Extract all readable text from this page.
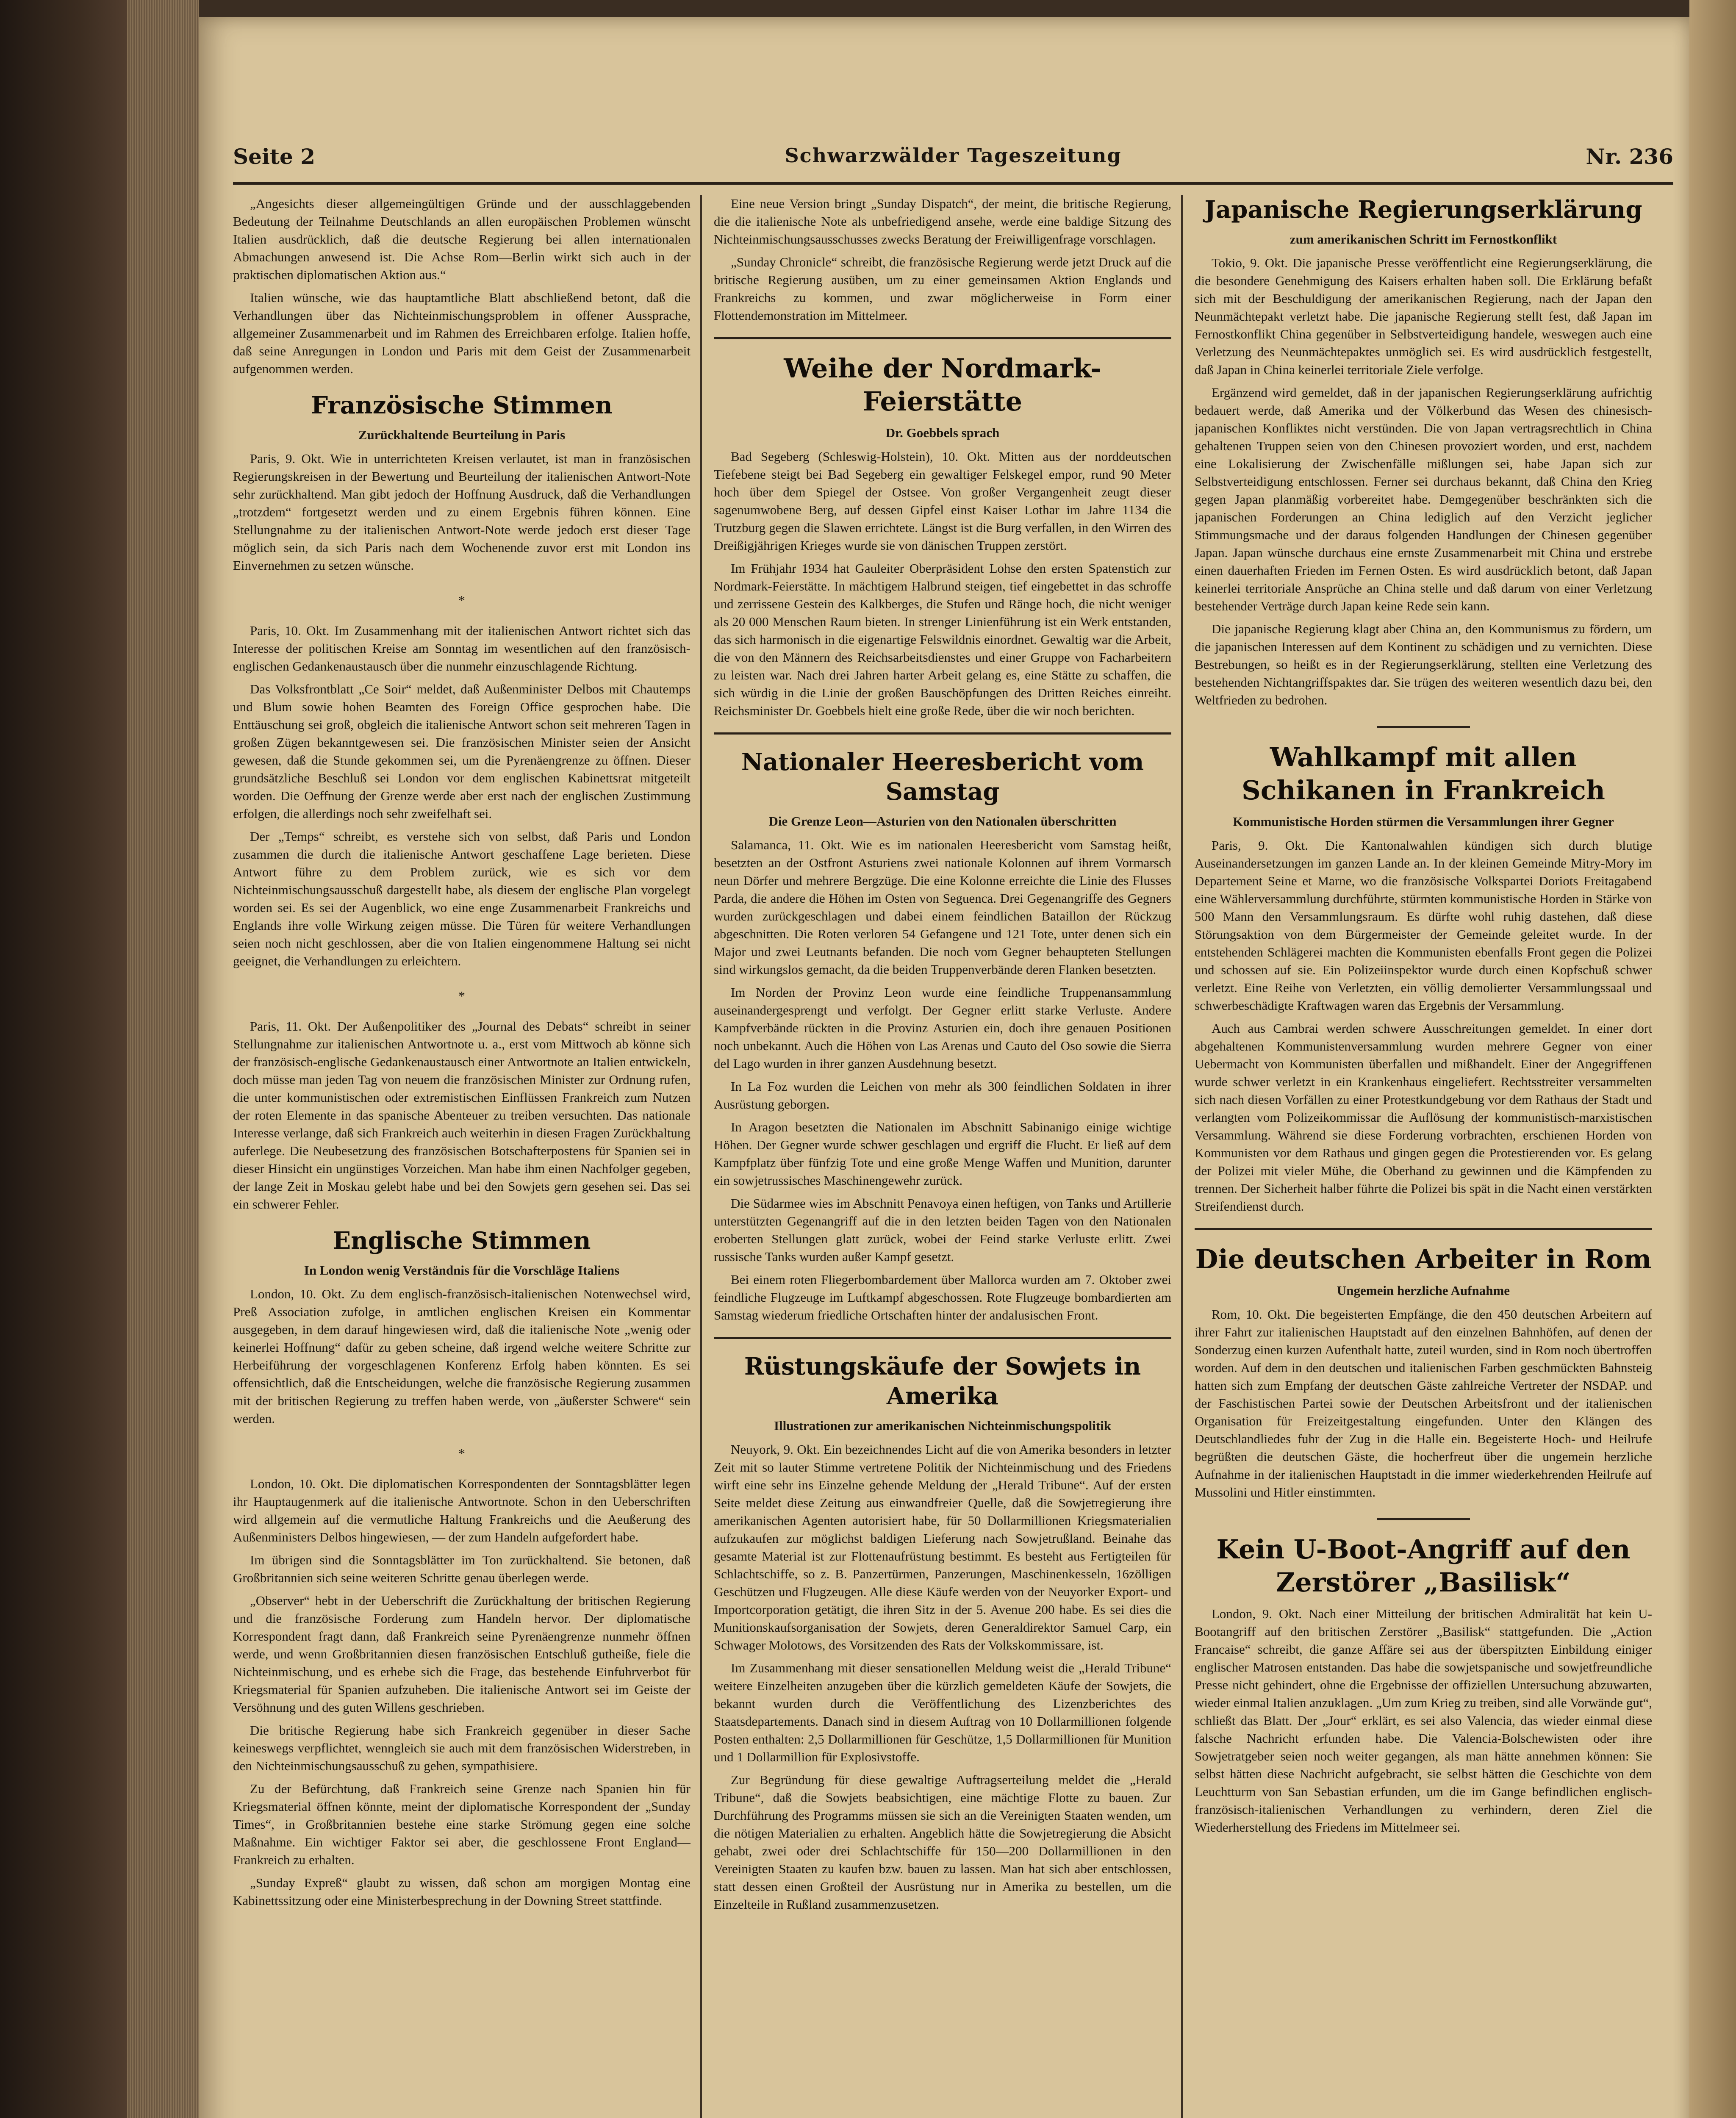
Seite 2	Schwarzwälder Tageszeitung	Nr. 236

„Angesichts dieser allgemeingültigen Gründe und der ausschlaggebenden Bedeutung der Teilnahme Deutschlands an allen europäischen Problemen wünscht Italien ausdrücklich, daß die deutsche Regierung bei allen internationalen Abmachungen anwesend ist. Die Achse Rom—Berlin wirkt sich auch in der praktischen diplomatischen Aktion aus.“

Italien wünsche, wie das hauptamtliche Blatt abschließend betont, daß die Verhandlungen über das Nichteinmischungsproblem in offener Aussprache, allgemeiner Zusammenarbeit und im Rahmen des Erreichbaren erfolge. Italien hoffe, daß seine Anregungen in London und Paris mit dem Geist der Zusammenarbeit aufgenommen werden.

Französische Stimmen
Zurückhaltende Beurteilung in Paris

Paris, 9. Okt. Wie in unterrichteten Kreisen verlautet, ist man in französischen Regierungskreisen in der Bewertung und Beurteilung der italienischen Antwort-Note sehr zurückhaltend. Man gibt jedoch der Hoffnung Ausdruck, daß die Verhandlungen „trotzdem“ fortgesetzt werden und zu einem Ergebnis führen können. Eine Stellungnahme zu der italienischen Antwort-Note werde jedoch erst dieser Tage möglich sein, da sich Paris nach dem Wochenende zuvor erst mit London ins Einvernehmen zu setzen wünsche.

*

Paris, 10. Okt. Im Zusammenhang mit der italienischen Antwort richtet sich das Interesse der politischen Kreise am Sonntag im wesentlichen auf den französisch-englischen Gedankenaustausch über die nunmehr einzuschlagende Richtung.

Das Volksfrontblatt „Ce Soir“ meldet, daß Außenminister Delbos mit Chautemps und Blum sowie hohen Beamten des Foreign Office gesprochen habe. Die Enttäuschung sei groß, obgleich die italienische Antwort schon seit mehreren Tagen in großen Zügen bekanntgewesen sei. Die französischen Minister seien der Ansicht gewesen, daß die Stunde gekommen sei, um die Pyrenäengrenze zu öffnen. Dieser grundsätzliche Beschluß sei London vor dem englischen Kabinettsrat mitgeteilt worden. Die Oeffnung der Grenze werde aber erst nach der englischen Zustimmung erfolgen, die allerdings noch sehr zweifelhaft sei.

Der „Temps“ schreibt, es verstehe sich von selbst, daß Paris und London zusammen die durch die italienische Antwort geschaffene Lage berieten. Diese Antwort führe zu dem Problem zurück, wie es sich vor dem Nichteinmischungsausschuß dargestellt habe, als diesem der englische Plan vorgelegt worden sei. Es sei der Augenblick, wo eine enge Zusammenarbeit Frankreichs und Englands ihre volle Wirkung zeigen müsse. Die Türen für weitere Verhandlungen seien noch nicht geschlossen, aber die von Italien eingenommene Haltung sei nicht geeignet, die Verhandlungen zu erleichtern.

*

Paris, 11. Okt. Der Außenpolitiker des „Journal des Debats“ schreibt in seiner Stellungnahme zur italienischen Antwortnote u. a., erst vom Mittwoch ab könne sich der französisch-englische Gedankenaustausch einer Antwortnote an Italien entwickeln, doch müsse man jeden Tag von neuem die französischen Minister zur Ordnung rufen, die unter kommunistischen oder extremistischen Einflüssen Frankreich zum Nutzen der roten Elemente in das spanische Abenteuer zu treiben versuchten. Das nationale Interesse verlange, daß sich Frankreich auch weiterhin in diesen Fragen Zurückhaltung auferlege. Die Neubesetzung des französischen Botschafterpostens für Spanien sei in dieser Hinsicht ein ungünstiges Vorzeichen. Man habe ihm einen Nachfolger gegeben, der lange Zeit in Moskau gelebt habe und bei den Sowjets gern gesehen sei. Das sei ein schwerer Fehler.

Englische Stimmen
In London wenig Verständnis für die Vorschläge Italiens

London, 10. Okt. Zu dem englisch-französisch-italienischen Notenwechsel wird, Preß Association zufolge, in amtlichen englischen Kreisen ein Kommentar ausgegeben, in dem darauf hingewiesen wird, daß die italienische Note „wenig oder keinerlei Hoffnung“ dafür zu geben scheine, daß irgend welche weitere Schritte zur Herbeiführung der vorgeschlagenen Konferenz Erfolg haben könnten. Es sei offensichtlich, daß die Entscheidungen, welche die französische Regierung zusammen mit der britischen Regierung zu treffen haben werde, von „äußerster Schwere“ sein werden.

*

London, 10. Okt. Die diplomatischen Korrespondenten der Sonntagsblätter legen ihr Hauptaugenmerk auf die italienische Antwortnote. Schon in den Ueberschriften wird allgemein auf die vermutliche Haltung Frankreichs und die Aeußerung des Außenministers Delbos hingewiesen, — der zum Handeln aufgefordert habe.

Im übrigen sind die Sonntagsblätter im Ton zurückhaltend. Sie betonen, daß Großbritannien sich seine weiteren Schritte genau überlegen werde.

„Observer“ hebt in der Ueberschrift die Zurückhaltung der britischen Regierung und die französische Forderung zum Handeln hervor. Der diplomatische Korrespondent fragt dann, daß Frankreich seine Pyrenäengrenze nunmehr öffnen werde, und wenn Großbritannien diesen französischen Entschluß gutheiße, fiele die Nichteinmischung, und es erhebe sich die Frage, das bestehende Einfuhrverbot für Kriegsmaterial für Spanien aufzuheben. Die italienische Antwort sei im Geiste der Versöhnung und des guten Willens geschrieben.

Die britische Regierung habe sich Frankreich gegenüber in dieser Sache keineswegs verpflichtet, wenngleich sie auch mit dem französischen Widerstreben, in den Nichteinmischungsausschuß zu gehen, sympathisiere.

Zu der Befürchtung, daß Frankreich seine Grenze nach Spanien hin für Kriegsmaterial öffnen könnte, meint der diplomatische Korrespondent der „Sunday Times“, in Großbritannien bestehe eine starke Strömung gegen eine solche Maßnahme. Ein wichtiger Faktor sei aber, die geschlossene Front England—Frankreich zu erhalten.

„Sunday Expreß“ glaubt zu wissen, daß schon am morgigen Montag eine Kabinettssitzung oder eine Ministerbesprechung in der Downing Street stattfinde.

Eine neue Version bringt „Sunday Dispatch“, der meint, die britische Regierung, die die italienische Note als unbefriedigend ansehe, werde eine baldige Sitzung des Nichteinmischungsausschusses zwecks Beratung der Freiwilligenfrage vorschlagen.

„Sunday Chronicle“ schreibt, die französische Regierung werde jetzt Druck auf die britische Regierung ausüben, um zu einer gemeinsamen Aktion Englands und Frankreichs zu kommen, und zwar möglicherweise in Form einer Flottendemonstration im Mittelmeer.

Weihe der Nordmark-Feierstätte
Dr. Goebbels sprach

Bad Segeberg (Schleswig-Holstein), 10. Okt. Mitten aus der norddeutschen Tiefebene steigt bei Bad Segeberg ein gewaltiger Felskegel empor, rund 90 Meter hoch über dem Spiegel der Ostsee. Von großer Vergangenheit zeugt dieser sagenumwobene Berg, auf dessen Gipfel einst Kaiser Lothar im Jahre 1134 die Trutzburg gegen die Slawen errichtete. Längst ist die Burg verfallen, in den Wirren des Dreißigjährigen Krieges wurde sie von dänischen Truppen zerstört.

Im Frühjahr 1934 hat Gauleiter Oberpräsident Lohse den ersten Spatenstich zur Nordmark-Feierstätte. In mächtigem Halbrund steigen, tief eingebettet in das schroffe und zerrissene Gestein des Kalkberges, die Stufen und Ränge hoch, die nicht weniger als 20 000 Menschen Raum bieten. In strenger Linienführung ist ein Werk entstanden, das sich harmonisch in die eigenartige Felswildnis einordnet. Gewaltig war die Arbeit, die von den Männern des Reichsarbeitsdienstes und einer Gruppe von Facharbeitern zu leisten war. Nach drei Jahren harter Arbeit gelang es, eine Stätte zu schaffen, die sich würdig in die Linie der großen Bauschöpfungen des Dritten Reiches einreiht. Reichsminister Dr. Goebbels hielt eine große Rede, über die wir noch berichten.

Nationaler Heeresbericht vom Samstag
Die Grenze Leon—Asturien von den Nationalen überschritten

Salamanca, 11. Okt. Wie es im nationalen Heeresbericht vom Samstag heißt, besetzten an der Ostfront Asturiens zwei nationale Kolonnen auf ihrem Vormarsch neun Dörfer und mehrere Bergzüge. Die eine Kolonne erreichte die Linie des Flusses Parda, die andere die Höhen im Osten von Seguenca. Drei Gegenangriffe des Gegners wurden zurückgeschlagen und dabei einem feindlichen Bataillon der Rückzug abgeschnitten. Die Roten verloren 54 Gefangene und 121 Tote, unter denen sich ein Major und zwei Leutnants befanden. Die noch vom Gegner behaupteten Stellungen sind wirkungslos gemacht, da die beiden Truppenverbände deren Flanken besetzten.

Im Norden der Provinz Leon wurde eine feindliche Truppenansammlung auseinandergesprengt und verfolgt. Der Gegner erlitt starke Verluste. Andere Kampfverbände rückten in die Provinz Asturien ein, doch ihre genauen Positionen noch unbekannt. Auch die Höhen von Las Arenas und Cauto del Oso sowie die Sierra del Lago wurden in ihrer ganzen Ausdehnung besetzt.

In La Foz wurden die Leichen von mehr als 300 feindlichen Soldaten in ihrer Ausrüstung geborgen.

In Aragon besetzten die Nationalen im Abschnitt Sabinanigo einige wichtige Höhen. Der Gegner wurde schwer geschlagen und ergriff die Flucht. Er ließ auf dem Kampfplatz über fünfzig Tote und eine große Menge Waffen und Munition, darunter ein sowjetrussisches Maschinengewehr zurück.

Die Südarmee wies im Abschnitt Penavoya einen heftigen, von Tanks und Artillerie unterstützten Gegenangriff auf die in den letzten beiden Tagen von den Nationalen eroberten Stellungen glatt zurück, wobei der Feind starke Verluste erlitt. Zwei russische Tanks wurden außer Kampf gesetzt.

Bei einem roten Fliegerbombardement über Mallorca wurden am 7. Oktober zwei feindliche Flugzeuge im Luftkampf abgeschossen. Rote Flugzeuge bombardierten am Samstag wiederum friedliche Ortschaften hinter der andalusischen Front.

Rüstungskäufe der Sowjets in Amerika
Illustrationen zur amerikanischen Nichteinmischungspolitik

Neuyork, 9. Okt. Ein bezeichnendes Licht auf die von Amerika besonders in letzter Zeit mit so lauter Stimme vertretene Politik der Nichteinmischung und des Friedens wirft eine sehr ins Einzelne gehende Meldung der „Herald Tribune“. Auf der ersten Seite meldet diese Zeitung aus einwandfreier Quelle, daß die Sowjetregierung ihre amerikanischen Agenten autorisiert habe, für 50 Dollarmillionen Kriegsmaterialien aufzukaufen zur möglichst baldigen Lieferung nach Sowjetrußland. Beinahe das gesamte Material ist zur Flottenaufrüstung bestimmt. Es besteht aus Fertigteilen für Schlachtschiffe, so z. B. Panzertürmen, Panzerungen, Maschinenkesseln, 16zölligen Geschützen und Flugzeugen. Alle diese Käufe werden von der Neuyorker Export- und Importcorporation getätigt, die ihren Sitz in der 5. Avenue 200 habe. Es sei dies die Munitionskaufsorganisation der Sowjets, deren Generaldirektor Samuel Carp, ein Schwager Molotows, des Vorsitzenden des Rats der Volkskommissare, ist.

Im Zusammenhang mit dieser sensationellen Meldung weist die „Herald Tribune“ weitere Einzelheiten anzugeben über die kürzlich gemeldeten Käufe der Sowjets, die bekannt wurden durch die Veröffentlichung des Lizenzberichtes des Staatsdepartements. Danach sind in diesem Auftrag von 10 Dollarmillionen folgende Posten enthalten: 2,5 Dollarmillionen für Geschütze, 1,5 Dollarmillionen für Munition und 1 Dollarmillion für Explosivstoffe.

Zur Begründung für diese gewaltige Auftragserteilung meldet die „Herald Tribune“, daß die Sowjets beabsichtigen, eine mächtige Flotte zu bauen. Zur Durchführung des Programms müssen sie sich an die Vereinigten Staaten wenden, um die nötigen Materialien zu erhalten. Angeblich hätte die Sowjetregierung die Absicht gehabt, zwei oder drei Schlachtschiffe für 150—200 Dollarmillionen in den Vereinigten Staaten zu kaufen bzw. bauen zu lassen. Man hat sich aber entschlossen, statt dessen einen Großteil der Ausrüstung nur in Amerika zu bestellen, um die Einzelteile in Rußland zusammenzusetzen.

Japanische Regierungserklärung
zum amerikanischen Schritt im Fernostkonflikt

Tokio, 9. Okt. Die japanische Presse veröffentlicht eine Regierungserklärung, die die besondere Genehmigung des Kaisers erhalten haben soll. Die Erklärung befaßt sich mit der Beschuldigung der amerikanischen Regierung, nach der Japan den Neunmächtepakt verletzt habe. Die japanische Regierung stellt fest, daß Japan im Fernostkonflikt China gegenüber in Selbstverteidigung handele, weswegen auch eine Verletzung des Neunmächtepaktes unmöglich sei. Es wird ausdrücklich festgestellt, daß Japan in China keinerlei territoriale Ziele verfolge.

Ergänzend wird gemeldet, daß in der japanischen Regierungserklärung aufrichtig bedauert werde, daß Amerika und der Völkerbund das Wesen des chinesisch-japanischen Konfliktes nicht verstünden. Die von Japan vertragsrechtlich in China gehaltenen Truppen seien von den Chinesen provoziert worden, und erst, nachdem eine Lokalisierung der Zwischenfälle mißlungen sei, habe Japan sich zur Selbstverteidigung entschlossen. Ferner sei durchaus bekannt, daß China den Krieg gegen Japan planmäßig vorbereitet habe. Demgegenüber beschränkten sich die japanischen Forderungen an China lediglich auf den Verzicht jeglicher Stimmungsmache und der daraus folgenden Handlungen der Chinesen gegenüber Japan. Japan wünsche durchaus eine ernste Zusammenarbeit mit China und erstrebe einen dauerhaften Frieden im Fernen Osten. Es wird ausdrücklich betont, daß Japan keinerlei territoriale Ansprüche an China stelle und daß darum von einer Verletzung bestehender Verträge durch Japan keine Rede sein kann.

Die japanische Regierung klagt aber China an, den Kommunismus zu fördern, um die japanischen Interessen auf dem Kontinent zu schädigen und zu vernichten. Diese Bestrebungen, so heißt es in der Regierungserklärung, stellten eine Verletzung des bestehenden Nichtangriffspaktes dar. Sie trügen des weiteren wesentlich dazu bei, den Weltfrieden zu bedrohen.

Wahlkampf mit allen Schikanen in Frankreich
Kommunistische Horden stürmen die Versammlungen ihrer Gegner

Paris, 9. Okt. Die Kantonalwahlen kündigen sich durch blutige Auseinandersetzungen im ganzen Lande an. In der kleinen Gemeinde Mitry-Mory im Departement Seine et Marne, wo die französische Volkspartei Doriots Freitagabend eine Wählerversammlung durchführte, stürmten kommunistische Horden in Stärke von 500 Mann den Versammlungsraum. Es dürfte wohl ruhig dastehen, daß diese Störungsaktion von dem Bürgermeister der Gemeinde geleitet wurde. In der entstehenden Schlägerei machten die Kommunisten ebenfalls Front gegen die Polizei und schossen auf sie. Ein Polizeiinspektor wurde durch einen Kopfschuß schwer verletzt. Eine Reihe von Verletzten, ein völlig demolierter Versammlungssaal und schwerbeschädigte Kraftwagen waren das Ergebnis der Versammlung.

Auch aus Cambrai werden schwere Ausschreitungen gemeldet. In einer dort abgehaltenen Kommunistenversammlung wurden mehrere Gegner von einer Uebermacht von Kommunisten überfallen und mißhandelt. Einer der Angegriffenen wurde schwer verletzt in ein Krankenhaus eingeliefert. Rechtsstreiter versammelten sich nach diesen Vorfällen zu einer Protestkundgebung vor dem Rathaus der Stadt und verlangten vom Polizeikommissar die Auflösung der kommunistisch-marxistischen Versammlung. Während sie diese Forderung vorbrachten, erschienen Horden von Kommunisten vor dem Rathaus und gingen gegen die Protestierenden vor. Es gelang der Polizei mit vieler Mühe, die Oberhand zu gewinnen und die Kämpfenden zu trennen. Der Sicherheit halber führte die Polizei bis spät in die Nacht einen verstärkten Streifendienst durch.

Die deutschen Arbeiter in Rom
Ungemein herzliche Aufnahme

Rom, 10. Okt. Die begeisterten Empfänge, die den 450 deutschen Arbeitern auf ihrer Fahrt zur italienischen Hauptstadt auf den einzelnen Bahnhöfen, auf denen der Sonderzug einen kurzen Aufenthalt hatte, zuteil wurden, sind in Rom noch übertroffen worden. Auf dem in den deutschen und italienischen Farben geschmückten Bahnsteig hatten sich zum Empfang der deutschen Gäste zahlreiche Vertreter der NSDAP. und der Faschistischen Partei sowie der Deutschen Arbeitsfront und der italienischen Organisation für Freizeitgestaltung eingefunden. Unter den Klängen des Deutschlandliedes fuhr der Zug in die Halle ein. Begeisterte Hoch- und Heilrufe begrüßten die deutschen Gäste, die hocherfreut über die ungemein herzliche Aufnahme in der italienischen Hauptstadt in die immer wiederkehrenden Heilrufe auf Mussolini und Hitler einstimmten.

Kein U-Boot-Angriff auf den Zerstörer „Basilisk“

London, 9. Okt. Nach einer Mitteilung der britischen Admiralität hat kein U-Bootangriff auf den britischen Zerstörer „Basilisk“ stattgefunden. Die „Action Francaise“ schreibt, die ganze Affäre sei aus der überspitzten Einbildung einiger englischer Matrosen entstanden. Das habe die sowjetspanische und sowjetfreundliche Presse nicht gehindert, ohne die Ergebnisse der offiziellen Untersuchung abzuwarten, wieder einmal Italien anzuklagen. „Um zum Krieg zu treiben, sind alle Vorwände gut“, schließt das Blatt. Der „Jour“ erklärt, es sei also Valencia, das wieder einmal diese falsche Nachricht erfunden habe. Die Valencia-Bolschewisten oder ihre Sowjetratgeber seien noch weiter gegangen, als man hätte annehmen können: Sie selbst hätten diese Nachricht aufgebracht, sie selbst hätten die Geschichte von dem Leuchtturm von San Sebastian erfunden, um die im Gange befindlichen englisch-französisch-italienischen Verhandlungen zu verhindern, deren Ziel die Wiederherstellung des Friedens im Mittelmeer sei.
